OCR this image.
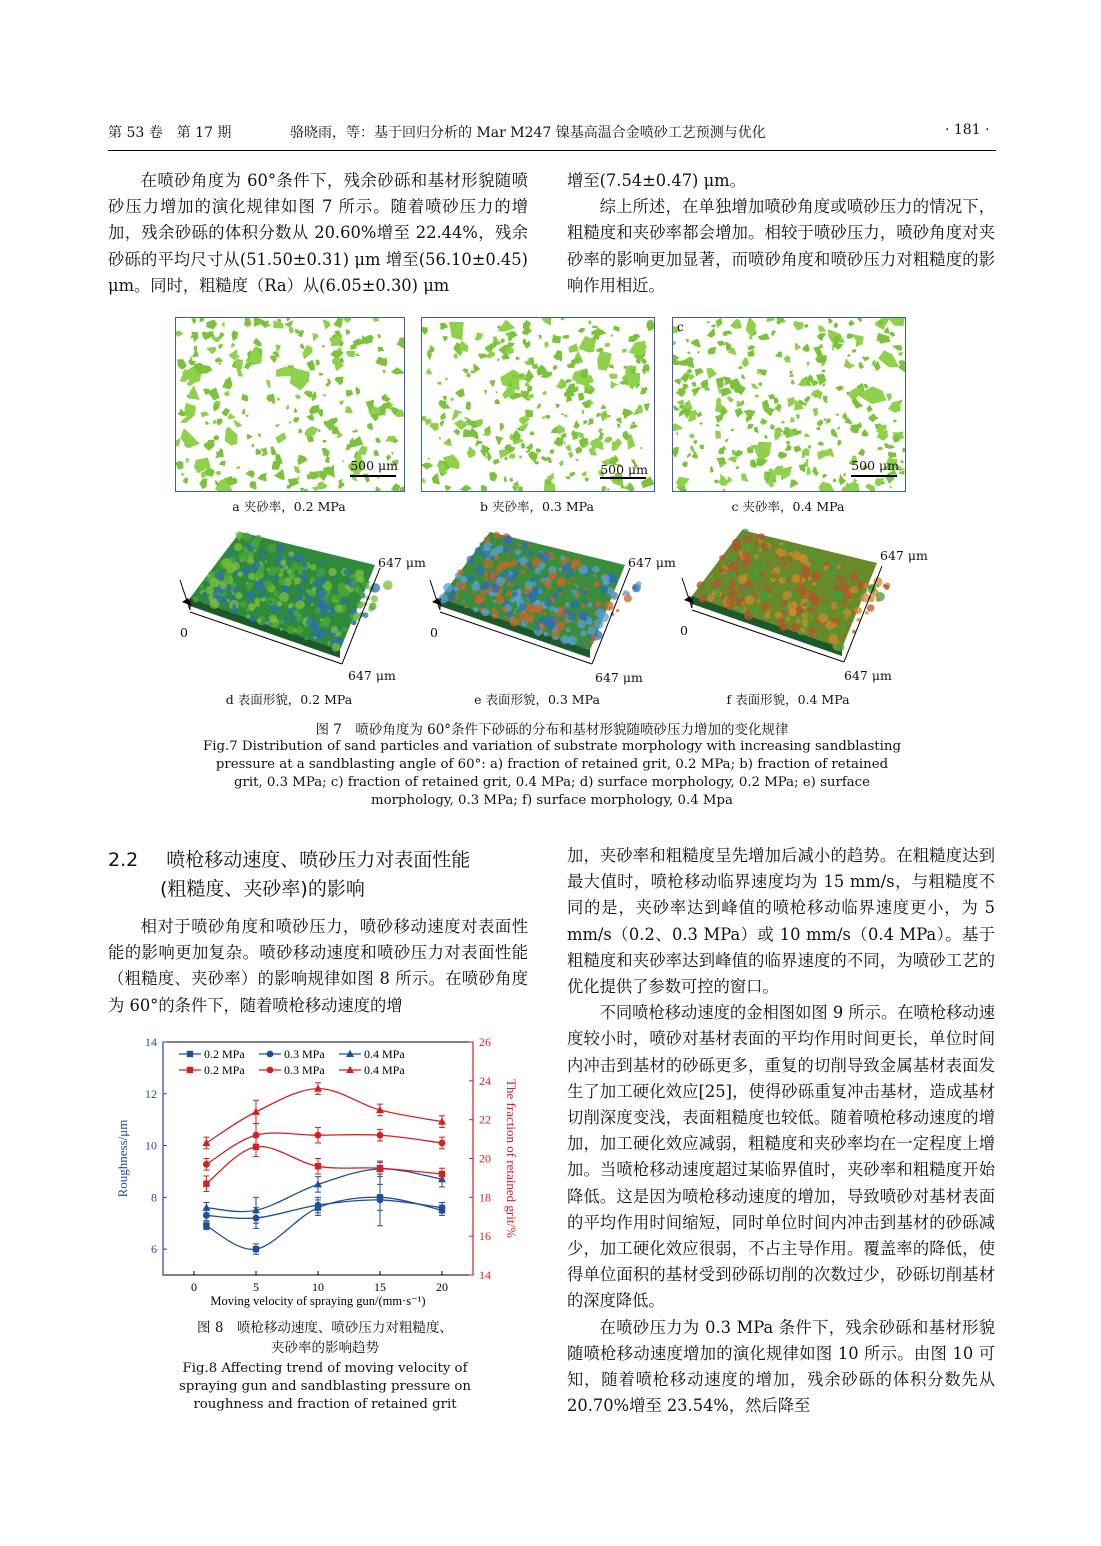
第 53 卷　第 17 期	骆晓雨，等：基于回归分析的 Mar M247 镍基高温合金喷砂工艺预测与优化	· 181 ·

在喷砂角度为 60°条件下，残余砂砾和基材形貌随喷砂压力增加的演化规律如图 7 所示。随着喷砂压力的增加，残余砂砾的体积分数从 20.60%增至 22.44%，残余砂砾的平均尺寸从(51.50±0.31) μm 增至(56.10±0.45) μm。同时，粗糙度（Ra）从(6.05±0.30) μm

增至(7.54±0.47) μm。

综上所述，在单独增加喷砂角度或喷砂压力的情况下，粗糙度和夹砂率都会增加。相较于喷砂压力，喷砂角度对夹砂率的影响更加显著，而喷砂角度和喷砂压力对粗糙度的影响作用相近。

500 μm	500 μm
c
500 μm
a 夹砂率，0.2 MPa	b 夹砂率，0.3 MPa	c 夹砂率，0.4 MPa
647 μm
0
647 μm
647 μm
0
647 μm
647 μm
0
647 μm
d 表面形貌，0.2 MPa	e 表面形貌，0.3 MPa	f 表面形貌，0.4 MPa
图 7　喷砂角度为 60°条件下砂砾的分布和基材形貌随喷砂压力增加的变化规律
Fig.7 Distribution of sand particles and variation of substrate morphology with increasing sandblasting
pressure at a sandblasting angle of 60°: a) fraction of retained grit, 0.2 MPa; b) fraction of retained
grit, 0.3 MPa; c) fraction of retained grit, 0.4 MPa; d) surface morphology, 0.2 MPa; e) surface
morphology, 0.3 MPa; f) surface morphology, 0.4 Mpa
2.2 喷枪移动速度、喷砂压力对表面性能
(粗糙度、夹砂率)的影响

相对于喷砂角度和喷砂压力，喷砂移动速度对表面性能的影响更加复杂。喷砂移动速度和喷砂压力对表面性能（粗糙度、夹砂率）的影响规律如图 8 所示。在喷砂角度为 60°的条件下，随着喷枪移动速度的增

加，夹砂率和粗糙度呈先增加后减小的趋势。在粗糙度达到最大值时，喷枪移动临界速度均为 15 mm/s，与粗糙度不同的是，夹砂率达到峰值的喷枪移动临界速度更小，为 5 mm/s（0.2、0.3 MPa）或 10 mm/s（0.4 MPa）。基于粗糙度和夹砂率达到峰值的临界速度的不同，为喷砂工艺的优化提供了参数可控的窗口。

不同喷枪移动速度的金相图如图 9 所示。在喷枪移动速度较小时，喷砂对基材表面的平均作用时间更长，单位时间内冲击到基材的砂砾更多，重复的切削导致金属基材表面发生了加工硬化效应[25]，使得砂砾重复冲击基材，造成基材切削深度变浅，表面粗糙度也较低。随着喷枪移动速度的增加，加工硬化效应减弱，粗糙度和夹砂率均在一定程度上增加。当喷枪移动速度超过某临界值时，夹砂率和粗糙度开始降低。这是因为喷枪移动速度的增加，导致喷砂对基材表面的平均作用时间缩短，同时单位时间内冲击到基材的砂砾减少，加工硬化效应很弱，不占主导作用。覆盖率的降低，使得单位面积的基材受到砂砾切削的次数过少，砂砾切削基材的深度降低。

在喷砂压力为 0.3 MPa 条件下，残余砂砾和基材形貌随喷枪移动速度增加的演化规律如图 10 所示。由图 10 可知，随着喷枪移动速度的增加，残余砂砾的体积分数先从 20.70%增至 23.54%，然后降至

0	5	10	15	20
6
8
10
12
14
14
16
18
20
22
24
26
Moving velocity of spraying gun/(mm·s⁻¹)
Roughness/μm	The fraction of retained grit/%
0.2 MPa	0.3 MPa	0.4 MPa
0.2 MPa	0.3 MPa	0.4 MPa
图 8　喷枪移动速度、喷砂压力对粗糙度、
夹砂率的影响趋势
Fig.8 Affecting trend of moving velocity of
spraying gun and sandblasting pressure on
roughness and fraction of retained grit
